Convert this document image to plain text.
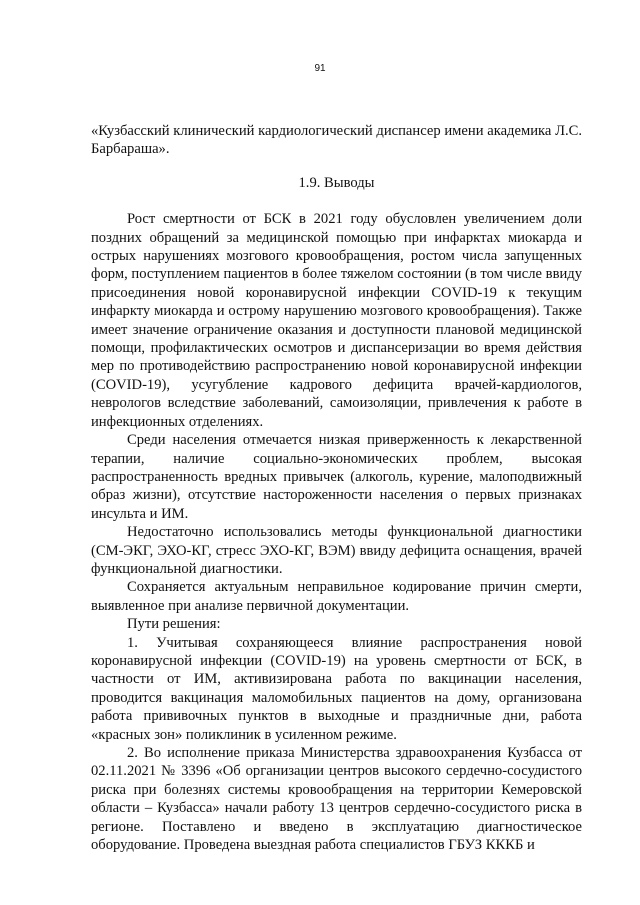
91

«Кузбасский клинический кардиологический диспансер имени академика Л.С. Барбараша».

1.9. Выводы

Рост смертности от БСК в 2021 году обусловлен увеличением доли поздних обращений за медицинской помощью при инфарктах миокарда и острых нарушениях мозгового кровообращения, ростом числа запущенных форм, поступлением пациентов в более тяжелом состоянии (в том числе ввиду присоединения новой коронавирусной инфекции COVID-19 к текущим инфаркту миокарда и острому нарушению мозгового кровообращения). Также имеет значение ограничение оказания и доступности плановой медицинской помощи, профилактических осмотров и диспансеризации во время действия мер по противодействию распространению новой коронавирусной инфекции (COVID-19), усугубление кадрового дефицита врачей-кардиологов, неврологов вследствие заболеваний, самоизоляции, привлечения к работе в инфекционных отделениях.

Среди населения отмечается низкая приверженность к лекарственной терапии, наличие социально-экономических проблем, высокая распространенность вредных привычек (алкоголь, курение, малоподвижный образ жизни), отсутствие настороженности населения о первых признаках инсульта и ИМ.

Недостаточно использовались методы функциональной диагностики (СМ-ЭКГ, ЭХО-КГ, стресс ЭХО-КГ, ВЭМ) ввиду дефицита оснащения, врачей функциональной диагностики.

Сохраняется актуальным неправильное кодирование причин смерти, выявленное при анализе первичной документации.

Пути решения:

1. Учитывая сохраняющееся влияние распространения новой коронавирусной инфекции (COVID-19) на уровень смертности от БСК, в частности от ИМ, активизирована работа по вакцинации населения, проводится вакцинация маломобильных пациентов на дому, организована работа прививочных пунктов в выходные и праздничные дни, работа «красных зон» поликлиник в усиленном режиме.

2. Во исполнение приказа Министерства здравоохранения Кузбасса от 02.11.2021 № 3396 «Об организации центров высокого сердечно-сосудистого риска при болезнях системы кровообращения на территории Кемеровской области – Кузбасса» начали работу 13 центров сердечно-сосудистого риска в регионе. Поставлено и введено в эксплуатацию диагностическое оборудование. Проведена выездная работа специалистов ГБУЗ КККБ и
